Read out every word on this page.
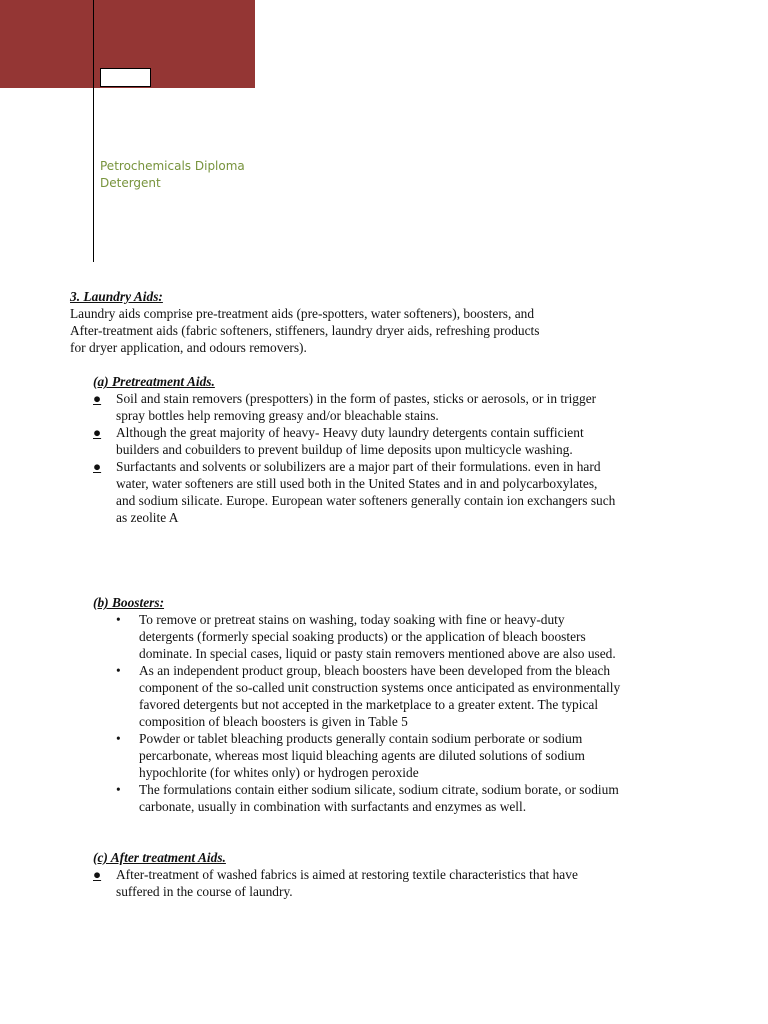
Petrochemicals Diploma
Detergent
3. Laundry Aids:
Laundry aids comprise pre-treatment aids (pre-spotters, water softeners), boosters, and
After-treatment aids (fabric softeners, stiffeners, laundry dryer aids, refreshing products
for dryer application, and odours removers).
(a) Pretreatment Aids.
● Soil and stain removers (prespotters) in the form of pastes, sticks or aerosols, or in trigger
spray bottles help removing greasy and/or bleachable stains.
● Although the great majority of heavy- Heavy duty laundry detergents contain sufficient
builders and cobuilders to prevent buildup of lime deposits upon multicycle washing.
● Surfactants and solvents or solubilizers are a major part of their formulations. even in hard
water, water softeners are still used both in the United States and in and polycarboxylates,
and sodium silicate. Europe. European water softeners generally contain ion exchangers such
as zeolite A
(b) Boosters:
• To remove or pretreat stains on washing, today soaking with fine or heavy-duty
detergents (formerly special soaking products) or the application of bleach boosters
dominate. In special cases, liquid or pasty stain removers mentioned above are also used.
• As an independent product group, bleach boosters have been developed from the bleach
component of the so-called unit construction systems once anticipated as environmentally
favored detergents but not accepted in the marketplace to a greater extent. The typical
composition of bleach boosters is given in Table 5
• Powder or tablet bleaching products generally contain sodium perborate or sodium
percarbonate, whereas most liquid bleaching agents are diluted solutions of sodium
hypochlorite (for whites only) or hydrogen peroxide
• The formulations contain either sodium silicate, sodium citrate, sodium borate, or sodium
carbonate, usually in combination with surfactants and enzymes as well.
(c) After treatment Aids.
● After-treatment of washed fabrics is aimed at restoring textile characteristics that have
suffered in the course of laundry.
